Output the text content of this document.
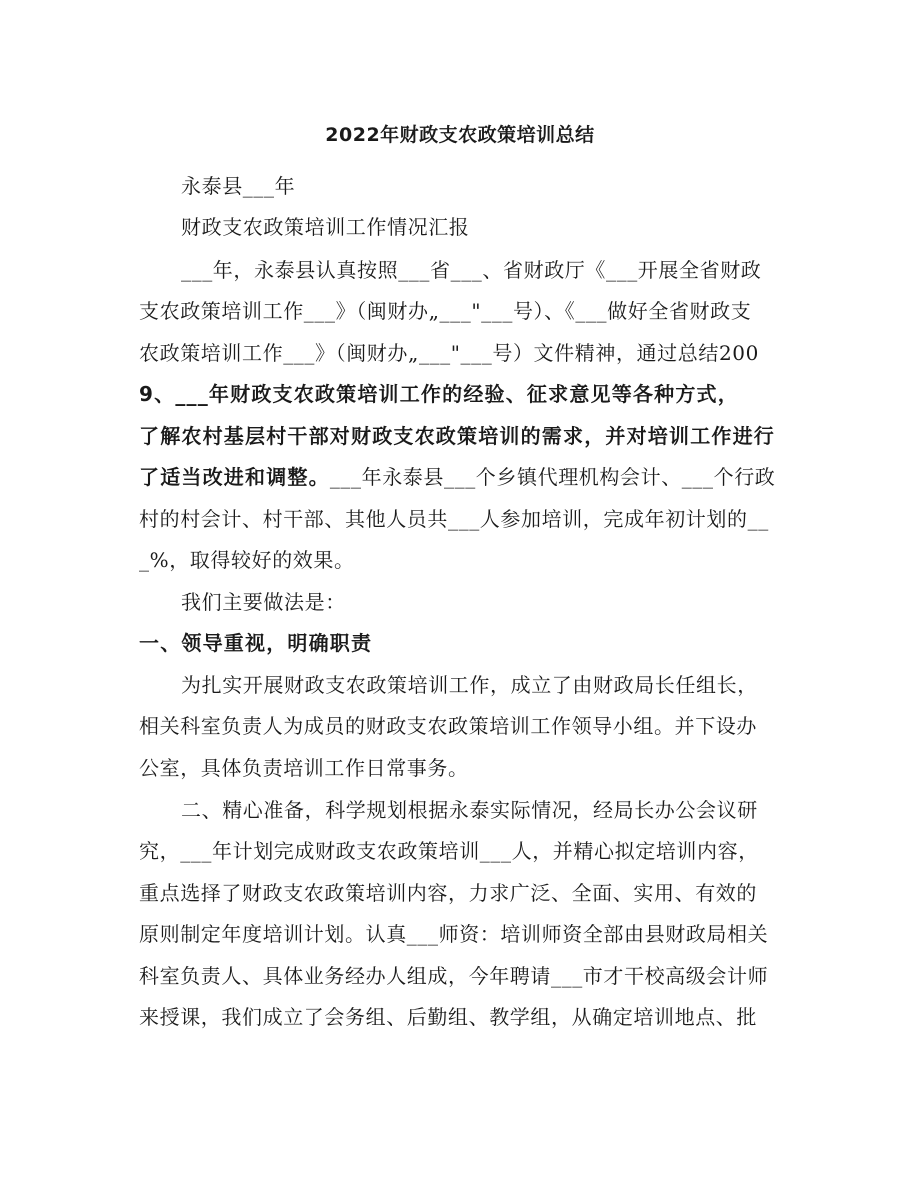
2022年财政支农政策培训总结
永泰县___年
财政支农政策培训工作情况汇报
___年，永泰县认真按照___省___、省财政厅《___开展全省财政
支农政策培训工作___》（闽财办„___"___号）、《___做好全省财政支
农政策培训工作___》（闽财办„___"___号）文件精神，通过总结200
9、___年财政支农政策培训工作的经验、征求意见等各种方式，
了解农村基层村干部对财政支农政策培训的需求，并对培训工作进行
了适当改进和调整。___年永泰县___个乡镇代理机构会计、___个行政
村的村会计、村干部、其他人员共___人参加培训，完成年初计划的__
_%，取得较好的效果。
我们主要做法是：
一、领导重视，明确职责
为扎实开展财政支农政策培训工作，成立了由财政局长任组长，
相关科室负责人为成员的财政支农政策培训工作领导小组。并下设办
公室，具体负责培训工作日常事务。
二、精心准备，科学规划根据永泰实际情况，经局长办公会议研
究，___年计划完成财政支农政策培训___人，并精心拟定培训内容，
重点选择了财政支农政策培训内容，力求广泛、全面、实用、有效的
原则制定年度培训计划。认真___师资：培训师资全部由县财政局相关
科室负责人、具体业务经办人组成，今年聘请___市才干校高级会计师
来授课，我们成立了会务组、后勤组、教学组，从确定培训地点、批
